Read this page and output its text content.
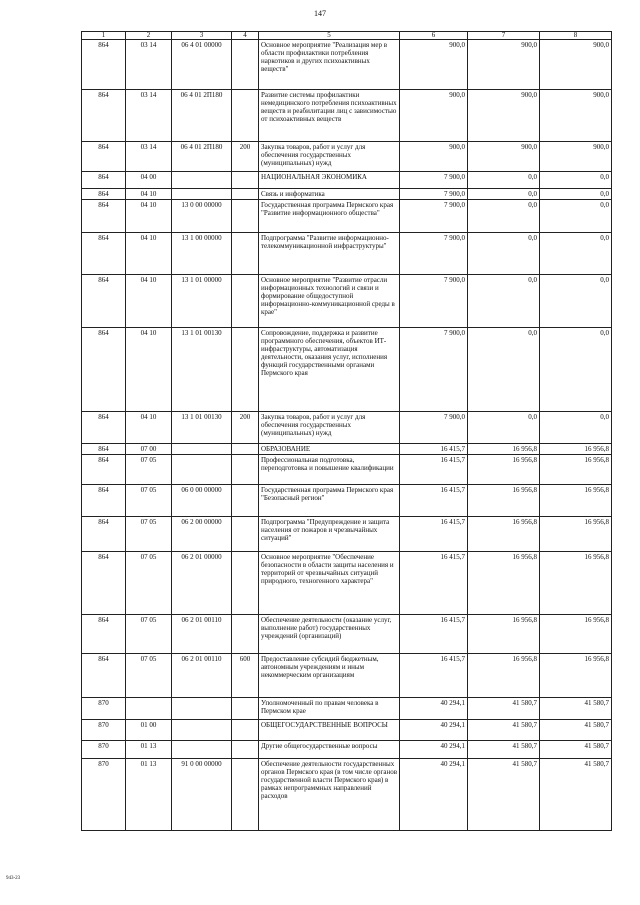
147
1	2	3	4	5	6	7	8
864	03 14	06 4 01 00000		Основное мероприятие "Реализация мер в области профилактики потребления наркотиков и других психоактивных веществ"	900,0	900,0	900,0
864	03 14	06 4 01 2П180		Развитие системы профилактики немедицинского потребления психоактивных веществ и реабилитации лиц с зависимостью от психоактивных веществ	900,0	900,0	900,0
864	03 14	06 4 01 2П180	200	Закупка товаров, работ и услуг для обеспечения государственных (муниципальных) нужд	900,0	900,0	900,0
864	04 00			НАЦИОНАЛЬНАЯ ЭКОНОМИКА	7 900,0	0,0	0,0
864	04 10			Связь и информатика	7 900,0	0,0	0,0
864	04 10	13 0 00 00000		Государственная программа Пермского края "Развитие информационного общества"	7 900,0	0,0	0,0
864	04 10	13 1 00 00000		Подпрограмма "Развитие информационно-телекоммуникационной инфраструктуры"	7 900,0	0,0	0,0
864	04 10	13 1 01 00000		Основное мероприятие "Развитие отрасли информационных технологий и связи и формирование общедоступной информационно-коммуникационной среды в крае"	7 900,0	0,0	0,0
864	04 10	13 1 01 00130		Сопровождение, поддержка и развитие программного обеспечения, объектов ИТ-инфраструктуры, автоматизация деятельности, оказания услуг, исполнения функций государственными органами Пермского края	7 900,0	0,0	0,0
864	04 10	13 1 01 00130	200	Закупка товаров, работ и услуг для обеспечения государственных (муниципальных) нужд	7 900,0	0,0	0,0
864	07 00			ОБРАЗОВАНИЕ	16 415,7	16 956,8	16 956,8
864	07 05			Профессиональная подготовка, переподготовка и повышение квалификации	16 415,7	16 956,8	16 956,8
864	07 05	06 0 00 00000		Государственная программа Пермского края "Безопасный регион"	16 415,7	16 956,8	16 956,8
864	07 05	06 2 00 00000		Подпрограмма "Предупреждение и защита населения от пожаров и чрезвычайных ситуаций"	16 415,7	16 956,8	16 956,8
864	07 05	06 2 01 00000		Основное мероприятие "Обеспечение безопасности в области защиты населения и территорий от чрезвычайных ситуаций природного, техногенного характера"	16 415,7	16 956,8	16 956,8
864	07 05	06 2 01 00110		Обеспечение деятельности (оказание услуг, выполнение работ) государственных учреждений (организаций)	16 415,7	16 956,8	16 956,8
864	07 05	06 2 01 00110	600	Предоставление субсидий бюджетным, автономным учреждениям и иным некоммерческим организациям	16 415,7	16 956,8	16 956,8
870				Уполномоченный по правам человека в Пермском крае	40 294,1	41 580,7	41 580,7
870	01 00			ОБЩЕГОСУДАРСТВЕННЫЕ ВОПРОСЫ	40 294,1	41 580,7	41 580,7
870	01 13			Другие общегосударственные вопросы	40 294,1	41 580,7	41 580,7
870	01 13	91 0 00 00000		Обеспечение деятельности государственных органов Пермского края (в том числе органов государственной власти Пермского края) в рамках непрограммных направлений расходов	40 294,1	41 580,7	41 580,7
943-23
